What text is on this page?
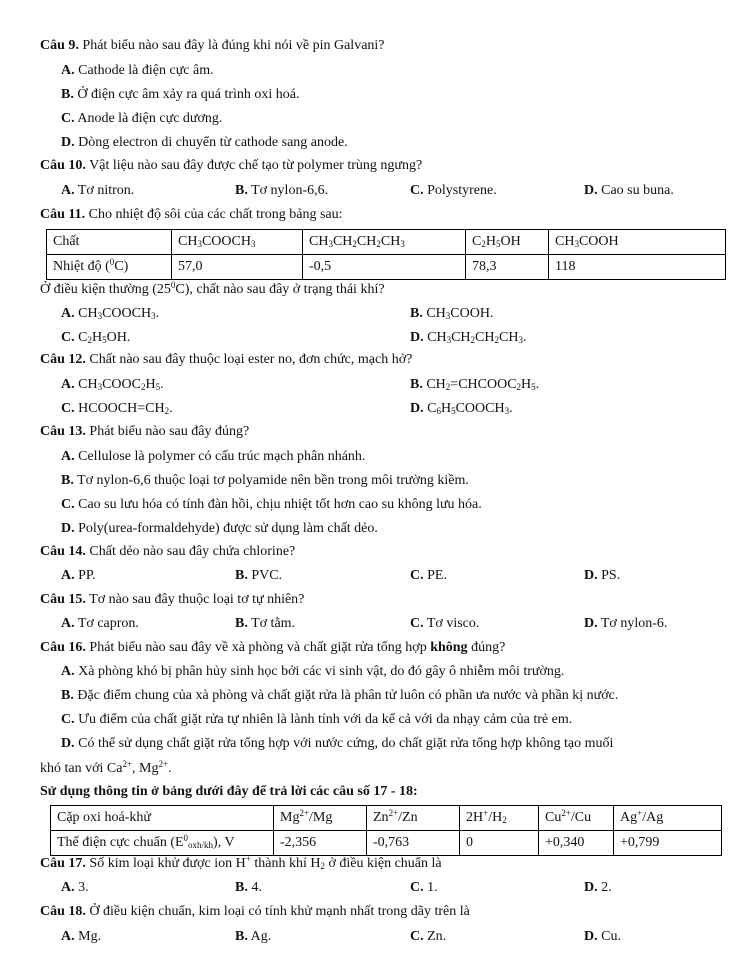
Câu 9. Phát biểu nào sau đây là đúng khi nói về pin Galvani?
A. Cathode là điện cực âm.
B. Ở điện cực âm xảy ra quá trình oxi hoá.
C. Anode là điện cực dương.
D. Dòng electron di chuyển từ cathode sang anode.
Câu 10. Vật liệu nào sau đây được chế tạo từ polymer trùng ngưng?
A. Tơ nitron.	B. Tơ nylon-6,6.	C. Polystyrene.	D. Cao su buna.
Câu 11. Cho nhiệt độ sôi của các chất trong bảng sau:
Chất	$CH_3COOCH_3$	$CH_3CH_2CH_2CH_3$	$C_2H_5OH$	$CH_3COOH$
Nhiệt độ ($^0$C)	57,0	-0,5	78,3	118
Ở điều kiện thường $(25^0C)$, chất nào sau đây ở trạng thái khí?
A. $CH_3COOCH_3$.	B. $CH_3COOH$.
C. $C_2H_5OH$.	D. $CH_3CH_2CH_2CH_3$.
Câu 12. Chất nào sau đây thuộc loại ester no, đơn chức, mạch hở?
A. $CH_3COOC_2H_5$.	B. $CH_2=CHCOOC_2H_5$.
C. $HCOOCH=CH_2$.	D. $C_6H_5COOCH_3$.
Câu 13. Phát biểu nào sau đây đúng?
A. Cellulose là polymer có cấu trúc mạch phân nhánh.
B. Tơ nylon-6,6 thuộc loại tơ polyamide nên bền trong môi trường kiềm.
C. Cao su lưu hóa có tính đàn hồi, chịu nhiệt tốt hơn cao su không lưu hóa.
D. Poly(urea-formaldehyde) được sử dụng làm chất dẻo.
Câu 14. Chất dẻo nào sau đây chứa chlorine?
A. PP.	B. PVC.	C. PE.	D. PS.
Câu 15. Tơ nào sau đây thuộc loại tơ tự nhiên?
A. Tơ capron.	B. Tơ tằm.	C. Tơ visco.	D. Tơ nylon-6.
Câu 16. Phát biểu nào sau đây về xà phòng và chất giặt rửa tổng hợp không đúng?
A. Xà phòng khó bị phân hủy sinh học bởi các vi sinh vật, do đó gây ô nhiễm môi trường.
B. Đặc điểm chung của xà phòng và chất giặt rửa là phân tử luôn có phần ưa nước và phần kị nước.
C. Ưu điểm của chất giặt rửa tự nhiên là lành tính với da kể cả với da nhạy cảm của trẻ em.
D. Có thể sử dụng chất giặt rửa tổng hợp với nước cứng, do chất giặt rửa tổng hợp không tạo muối
khó tan với $Ca^{2+}$, $Mg^{2+}$.
Sử dụng thông tin ở bảng dưới đây để trả lời các câu số 17 - 18:
Cặp oxi hoá-khử	$Mg^{2+}/Mg$	$Zn^{2+}/Zn$	$2H^+/H_2$	$Cu^{2+}/Cu$	Ag+/Ag
Thế điện cực chuẩn $(E^0_{oxh/kh})$, V	-2,356	-0,763	0	+0,340	+0,799
Câu 17. Số kim loại khử được ion H+ thành khí $H_2$ ở điều kiện chuẩn là
A. 3.	B. 4.	C. 1.	D. 2.
Câu 18. Ở điều kiện chuẩn, kim loại có tính khử mạnh nhất trong dãy trên là
A. Mg.	B. Ag.	C. Zn.	D. Cu.
